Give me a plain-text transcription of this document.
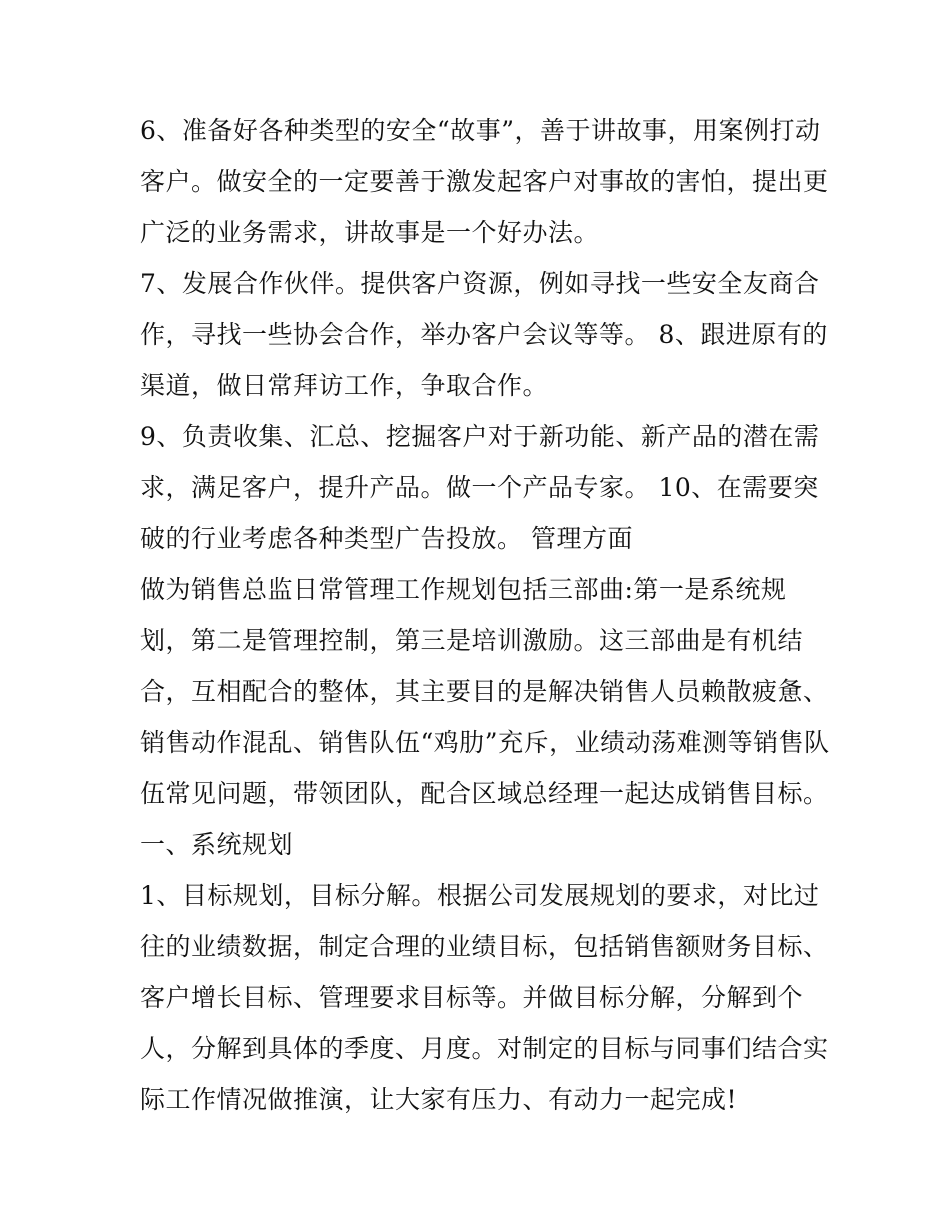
6、准备好各种类型的安全“故事”，善于讲故事，用案例打动
客户。做安全的一定要善于激发起客户对事故的害怕，提出更
广泛的业务需求，讲故事是一个好办法。
7、发展合作伙伴。提供客户资源，例如寻找一些安全友商合
作，寻找一些协会合作，举办客户会议等等。 8、跟进原有的
渠道，做日常拜访工作，争取合作。
9、负责收集、汇总、挖掘客户对于新功能、新产品的潜在需
求，满足客户，提升产品。做一个产品专家。 10、在需要突
破的行业考虑各种类型广告投放。 管理方面
做为销售总监日常管理工作规划包括三部曲:第一是系统规
划，第二是管理控制，第三是培训激励。这三部曲是有机结
合，互相配合的整体，其主要目的是解决销售人员赖散疲惫、
销售动作混乱、销售队伍“鸡肋”充斥，业绩动荡难测等销售队
伍常见问题，带领团队，配合区域总经理一起达成销售目标。
一、系统规划
1、目标规划，目标分解。根据公司发展规划的要求，对比过
往的业绩数据，制定合理的业绩目标，包括销售额财务目标、
客户增长目标、管理要求目标等。并做目标分解，分解到个
人，分解到具体的季度、月度。对制定的目标与同事们结合实
际工作情况做推演，让大家有压力、有动力一起完成!
